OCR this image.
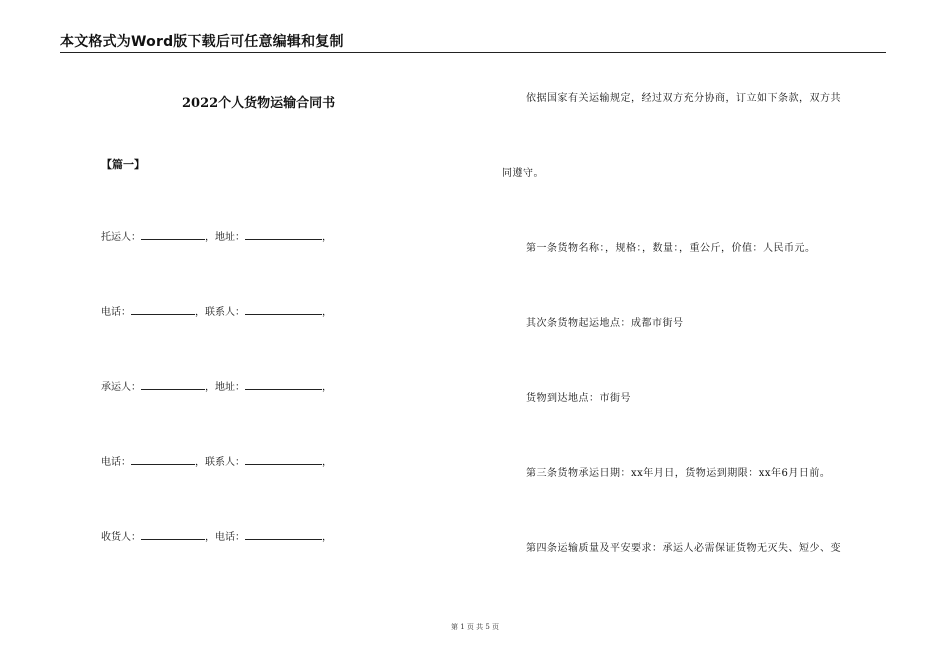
本文格式为Word版下载后可任意编辑和复制
2022个人货物运输合同书
【篇一】
托运人：	，地址：	，
电话：	，联系人：	，
承运人：	，地址：	，
电话：	，联系人：	，
收货人：	，电话：	，
依据国家有关运输规定，经过双方充分协商，订立如下条款，双方共
同遵守。
第一条货物名称：，规格：，数量：，重公斤，价值：人民币元。
其次条货物起运地点：成都市街号
货物到达地点：市街号
第三条货物承运日期：xx年月日，货物运到期限：xx年6月日前。
第四条运输质量及平安要求：承运人必需保证货物无灭失、短少、变
第 1 页 共 5 页
